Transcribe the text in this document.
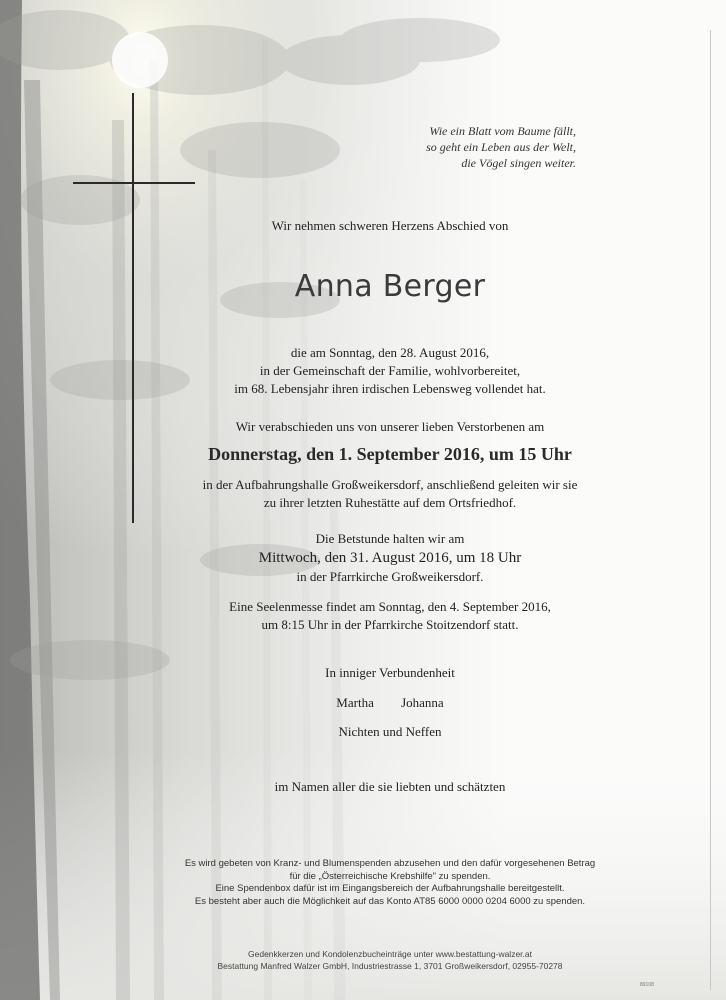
Wie ein Blatt vom Baume fällt,
so geht ein Leben aus der Welt,
die Vögel singen weiter.
Wir nehmen schweren Herzens Abschied von
Anna Berger
die am Sonntag, den 28. August 2016,
in der Gemeinschaft der Familie, wohlvorbereitet,
im 68. Lebensjahr ihren irdischen Lebensweg vollendet hat.
Wir verabschieden uns von unserer lieben Verstorbenen am
Donnerstag, den 1. September 2016, um 15 Uhr
in der Aufbahrungshalle Großweikersdorf, anschließend geleiten wir sie
zu ihrer letzten Ruhestätte auf dem Ortsfriedhof.
Die Betstunde halten wir am
Mittwoch, den 31. August 2016, um 18 Uhr
in der Pfarrkirche Großweikersdorf.
Eine Seelenmesse findet am Sonntag, den 4. September 2016,
um 8:15 Uhr in der Pfarrkirche Stoitzendorf statt.
In inniger Verbundenheit
Martha Johanna
Nichten und Neffen
im Namen aller die sie liebten und schätzten
Es wird gebeten von Kranz- und Blumenspenden abzusehen und den dafür vorgesehenen Betrag
für die „Österreichische Krebshilfe" zu spenden.
Eine Spendenbox dafür ist im Eingangsbereich der Aufbahrungshalle bereitgestellt.
Es besteht aber auch die Möglichkeit auf das Konto AT85 6000 0000 0204 6000 zu spenden.
Gedenkkerzen und Kondolenzbucheinträge unter www.bestattung-walzer.at
Bestattung Manfred Walzer GmbH, Industriestrasse 1, 3701 Großweikersdorf, 02955-70278
89108
